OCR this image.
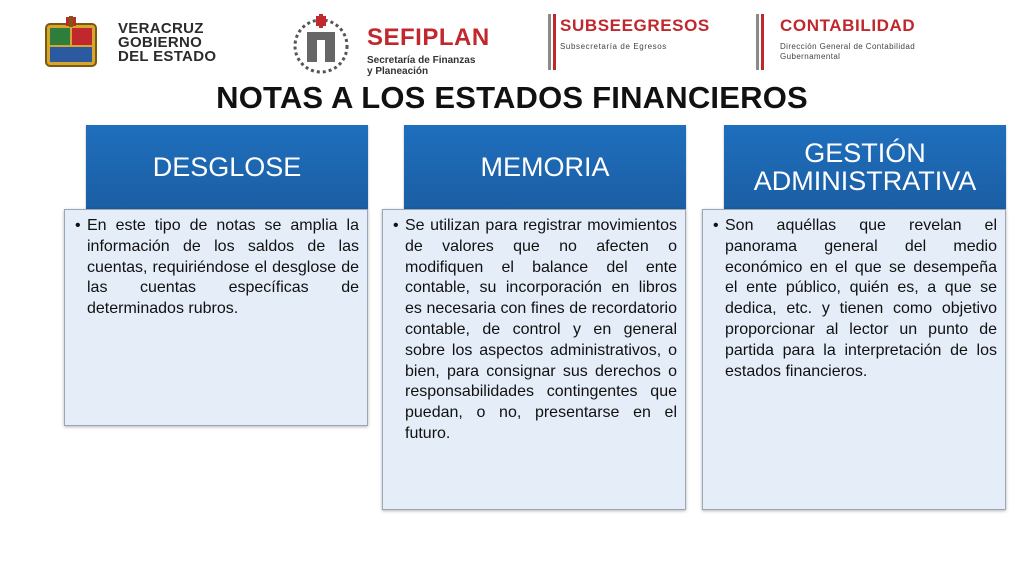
VERACRUZ
GOBIERNO
DEL ESTADO
SEFIPLAN
Secretaría de Finanzas
y Planeación
SUBSEEGRESOS
Subsecretaría de Egresos
CONTABILIDAD
Dirección General de Contabilidad
Gubernamental
NOTAS A LOS ESTADOS FINANCIEROS
DESGLOSE

• En este tipo de notas se amplia la información de los saldos de las cuentas, requiriéndose el desglose de las cuentas específicas de determinados rubros.

MEMORIA

• Se utilizan para registrar movimientos de valores que no afecten o modifiquen el balance del ente contable, su incorporación en libros es necesaria con fines de recordatorio contable, de control y en general sobre los aspectos administrativos, o bien, para consignar sus derechos o responsabilidades contingentes que puedan, o no, presentarse en el futuro.

GESTIÓN ADMINISTRATIVA

• Son aquéllas que revelan el panorama general del medio económico en el que se desempeña el ente público, quién es, a que se dedica, etc. y tienen como objetivo proporcionar al lector un punto de partida para la interpretación de los estados financieros.
